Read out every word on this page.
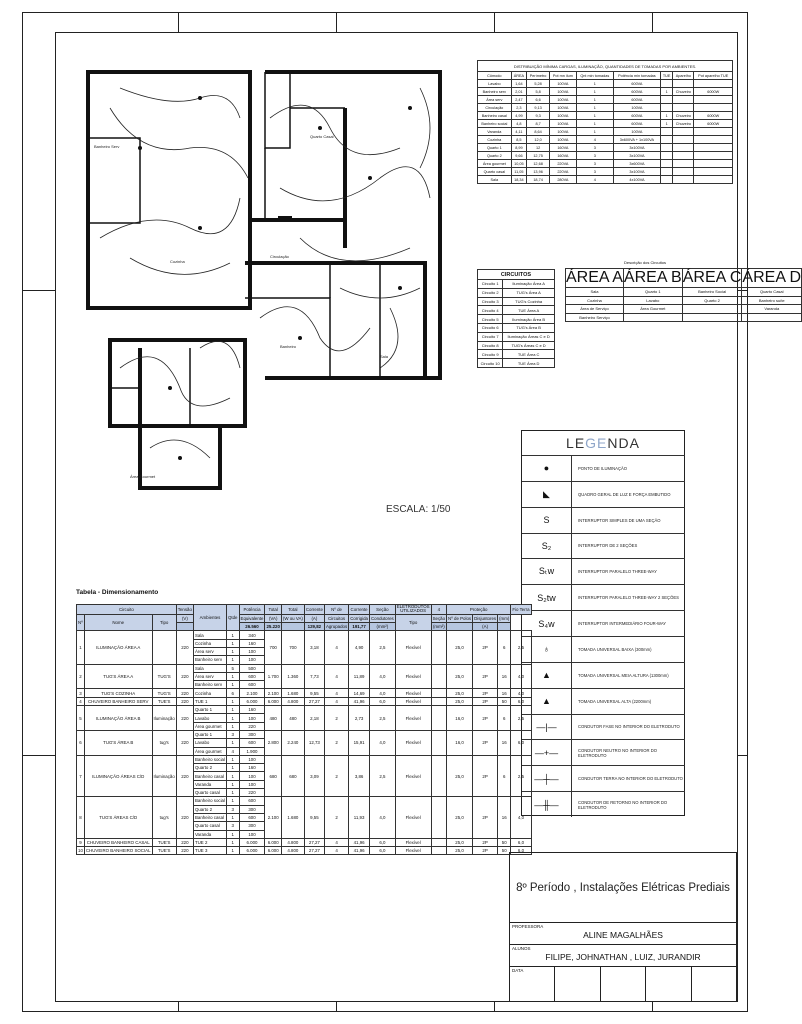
Banheiro Serv
Cozinha
Quarto Casal
Circulação
Banheiro
Sala
Área Gourmet
ESCALA: 1/50
DISTRIBUIÇÃO MÍNIMA CARGAS, ILUMINAÇÃO, QUANTIDADES DE TOMADAS POR AMBIENTES.
Cômodo	ÁREA	Perímetro	Pot mn ilum	Qnt min tomadas	Potência min tomadas	TUE	Aparelho	Pot aparelho TUE
Lavabo	1,64	5,28	100VA	1	600VA			
Banheiro serv	2,01	5,8	100VA	1	600VA	1	Chuveiro	6000W
Área serv	2,47	6,6	100VA	1	600VA			
Circulação	2,3	9,13	100VA	1	100VA			
Banheiro casal	4,99	9,3	100VA	1	600VA	1	Chuveiro	6000W
Banheiro social	4,8	8,7	100VA	1	600VA	1	Chuveiro	6000W
Varanda	4,11	8,64	100VA	1	100VA			
Cozinha	8,5	12,0	100VA	4	3x600VA + 1x100VA			
Quarto 1	8,99	12	160VA	3	3x100VA			
Quarto 2	9,66	12,75	160VA	3	3x100VA			
Área gourmet	10,05	12,68	220VA	3	3x600VA			
Quarto casal	11,05	13,96	220VA	3	3x100VA			
Sala	18,34	18,74	280VA	4	4x100VA			
CIRCUITOS	
Circuito 1	Iluminação Área A
Circuito 2	TUG's Área A
Circuito 3	TUG's Cozinha
Circuito 4	TUE Área A
Circuito 5	Iluminação Área B
Circuito 6	TUG's Área B
Circuito 7	Iluminação Áreas C e D
Circuito 8	TUG's Áreas C e D
Circuito 9	TUE Área C
Circuito 10	TUE Área D
Descrição dos Circuitos
ÁREA A	ÁREA B	ÁREA C	ÁREA D
Sala	Quarto 1	Banheiro Social	Quarto Casal
Cozinha	Lavabo	Quarto 2	Banheiro suíte
Área de Serviço	Área Gourmet		Varanda
Banheiro Serviço			
LEGENDA
●	PONTO DE ILUMINAÇÃO
◣	QUADRO GERAL DE LUZ E FORÇA EMBUTIDO
S	INTERRUPTOR SIMPLES DE UMA SEÇÃO
S₂	INTERRUPTOR DE 2 SEÇÕES
Sₜw	INTERRUPTOR PARALELO THREE-WAY
S₂tw	INTERRUPTOR PARALELO THREE-WAY 2 SEÇÕES
S₄w	INTERRUPTOR INTERMEDIÁRIO FOUR-WAY
♁	TOMADA UNIVERSAL BAIXA (300mm)
▲	TOMADA UNIVERSAL MEIA ALTURA (1300mm)
▲	TOMADA UNIVERSAL ALTA (2200mm)
—|—	CONDUTOR FASE NO INTERIOR DO ELETRODUTO
—+—	CONDUTOR NEUTRO NO INTERIOR DO ELETRODUTO
—┼—	CONDUTOR TERRA NO INTERIOR DO ELETRODUTO
—╫—	CONDUTOR DE RETORNO NO INTERIOR DO ELETRODUTO
Tabela - Dimensionamento
Circuito			Tensão	Ambientes	Qtde	Potência	Total	Total	Corrente	Nº de	Corrente	Seção	ELETRODUTOS UTILIZADOS	4	Proteção			Fio Terra
Nº	Nome	Tipo	(V)			Equivalente	(VA)	(W ou VA)	(A)	Circuitos	Corrigida	Condutores	Tipo	Seção	Nº de Polos	Disjuntores	(mm)	
						26.560	25.220		129,82	Agrupados	191,77	(mm²)		(mm²)		(A)		
1	ILUMINAÇÃO ÁREA A		220	Sala	1	340	700	700	3,18	4	4,90	2,5	Flexível		25,0	2P	6	2,5
				Cozinha	1	160												
				Área serv	1	100												
				Banheiro serv	1	100												
2	TUG'S ÁREA A	TUG'S	220	Sala	5	500	1.700	1.360	7,73	4	11,89	4,0	Flexível		25,0	2P	16	4,0
				Área serv	1	600												
				Banheiro serv	1	600												
3	TUG'S COZINHA	TUG'S	220	Cozinha	6	2.100	2.100	1.680	9,55	4	14,69	4,0	Flexível		25,0	2P	16	4,0
4	CHUVEIRO BANHEIRO SERV	TUE'S	220	TUE 1	1	6.000	6.000	4.800	27,27	4	41,96	6,0	Flexível		25,0	2P	50	6,0
5	ILUMINAÇÃO ÁREA B	Iluminação	220	Quarto 1	1	160	480	480	2,18	2	2,73	2,5	Flexível		16,0	2P	6	2,5
				Lavabo	1	100												
				Área gourmet	1	220												
6	TUG'S ÁREA B	tug's	220	Quarto 1	3	300	2.800	2.240	12,73	2	15,91	4,0	Flexível		16,0	2P	16	6,0
				Lavabo	1	600												
				Área gourmet	4	1.900												
7	ILUMINAÇÃO ÁREAS C/D	Iluminação	220	Banheiro social	1	100	680	680	3,09	2	3,86	2,5	Flexível		25,0	2P	6	2,5
				Quarto 2	1	160												
				Banheiro casal	1	100												
				Varanda	1	100												
				Quarto casal	1	220												
8	TUG'S ÁREAS C/D	tug's	220	Banheiro social	1	600	2.100	1.680	9,55	2	11,93	4,0	Flexível		25,0	2P	16	4,0
				Quarto 2	3	300												
				Banheiro casal	1	600												
				Quarto casal	3	300												
				Varanda	1	100												
9	CHUVEIRO BANHEIRO CASAL	TUE'S	220	TUE 2	1	6.000	6.000	4.800	27,27	4	41,96	6,0	Flexível		25,0	2P	50	6,0
10	CHUVEIRO BANHEIRO SOCIAL	TUE'S	220	TUE 3	1	6.000	6.000	4.800	27,27	4	41,96	6,0	Flexível		25,0	2P	50	6,0
8º Período , Instalações Elétricas Prediais
PROFESSORA
ALINE MAGALHÃES
ALUNOS
FILIPE, JOHNATHAN , LUIZ, JURANDIR
DATA
